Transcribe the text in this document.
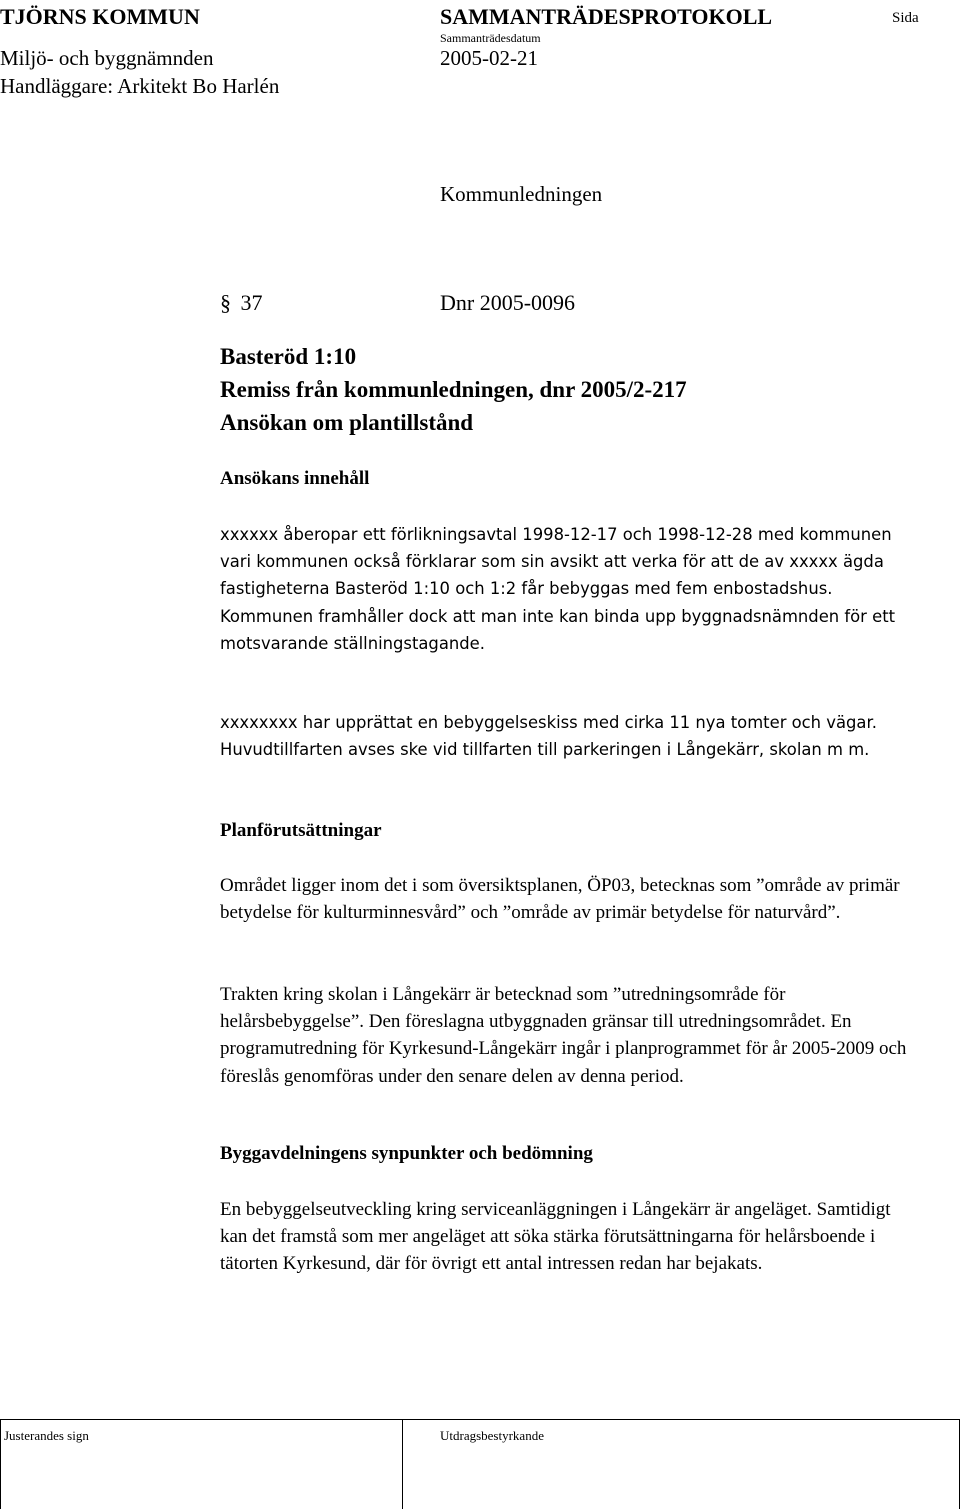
TJÖRNS KOMMUN	SAMMANTRÄDESPROTOKOLL	Sida
Sammanträdesdatum
Miljö- och byggnämnden	2005-02-21
Handläggare: Arkitekt Bo Harlén
Kommunledningen
§ 37	Dnr 2005-0096
Basteröd 1:10
Remiss från kommunledningen, dnr 2005/2-217
Ansökan om plantillstånd
Ansökans innehåll
xxxxxx åberopar ett förlikningsavtal 1998-12-17 och 1998-12-28 med kommunen vari kommunen också förklarar som sin avsikt att verka för att de av xxxxx ägda fastigheterna Basteröd 1:10 och 1:2 får bebyggas med fem enbostadshus. Kommunen framhåller dock att man inte kan binda upp byggnadsnämnden för ett motsvarande ställningstagande.
xxxxxxxx har upprättat en bebyggelseskiss med cirka 11 nya tomter och vägar. Huvudtillfarten avses ske vid tillfarten till parkeringen i Långekärr, skolan m m.
Planförutsättningar
Området ligger inom det i som översiktsplanen, ÖP03, betecknas som ”område av primär betydelse för kulturminnesvård” och ”område av primär betydelse för naturvård”.
Trakten kring skolan i Långekärr är betecknad som ”utredningsområde för helårsbebyggelse”. Den föreslagna utbyggnaden gränsar till utredningsområdet. En programutredning för Kyrkesund-Långekärr ingår i planprogrammet för år 2005-2009 och föreslås genomföras under den senare delen av denna period.
Byggavdelningens synpunkter och bedömning
En bebyggelseutveckling kring serviceanläggningen i Långekärr är angeläget. Samtidigt kan det framstå som mer angeläget att söka stärka förutsättningarna för helårsboende i tätorten Kyrkesund, där för övrigt ett antal intressen redan har bejakats.
Justerandes sign	Utdragsbestyrkande
